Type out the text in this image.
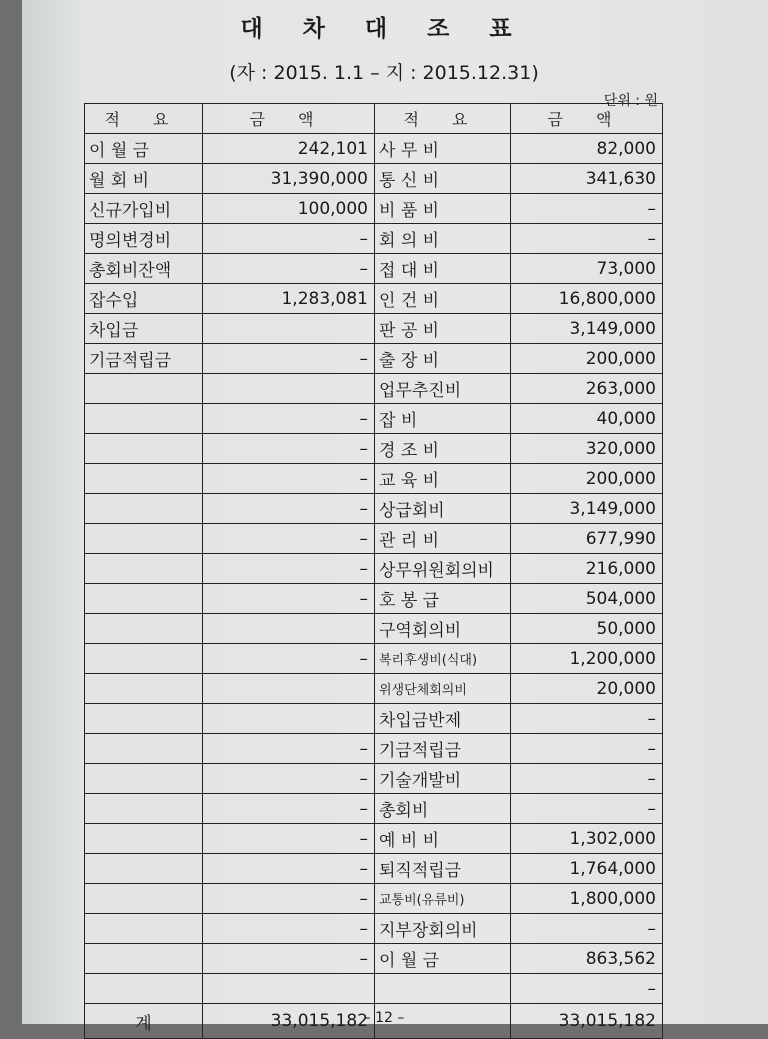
대 차 대 조 표
(자 : 2015. 1.1 – 지 : 2015.12.31)
단위 : 원
적 요	금 액	적 요	금 액
이 월 금	242,101	사 무 비	82,000
월 회 비	31,390,000	통 신 비	341,630
신규가입비	100,000	비 품 비	–
명의변경비	–	회 의 비	–
총회비잔액	–	접 대 비	73,000
잡수입	1,283,081	인 건 비	16,800,000
차입금		판 공 비	3,149,000
기금적립금	–	출 장 비	200,000
		업무추진비	263,000
	–	잡 비	40,000
	–	경 조 비	320,000
	–	교 육 비	200,000
	–	상급회비	3,149,000
	–	관 리 비	677,990
	–	상무위원회의비	216,000
	–	호 봉 급	504,000
		구역회의비	50,000
	–	복리후생비(식대)	1,200,000
		위생단체회의비	20,000
		차입금반제	–
	–	기금적립금	–
	–	기술개발비	–
	–	총회비	–
	–	예 비 비	1,302,000
	–	퇴직적립금	1,764,000
	–	교통비(유류비)	1,800,000
	–	지부장회의비	–
	–	이 월 금	863,562
			–
계	33,015,182		33,015,182
– 12 –
